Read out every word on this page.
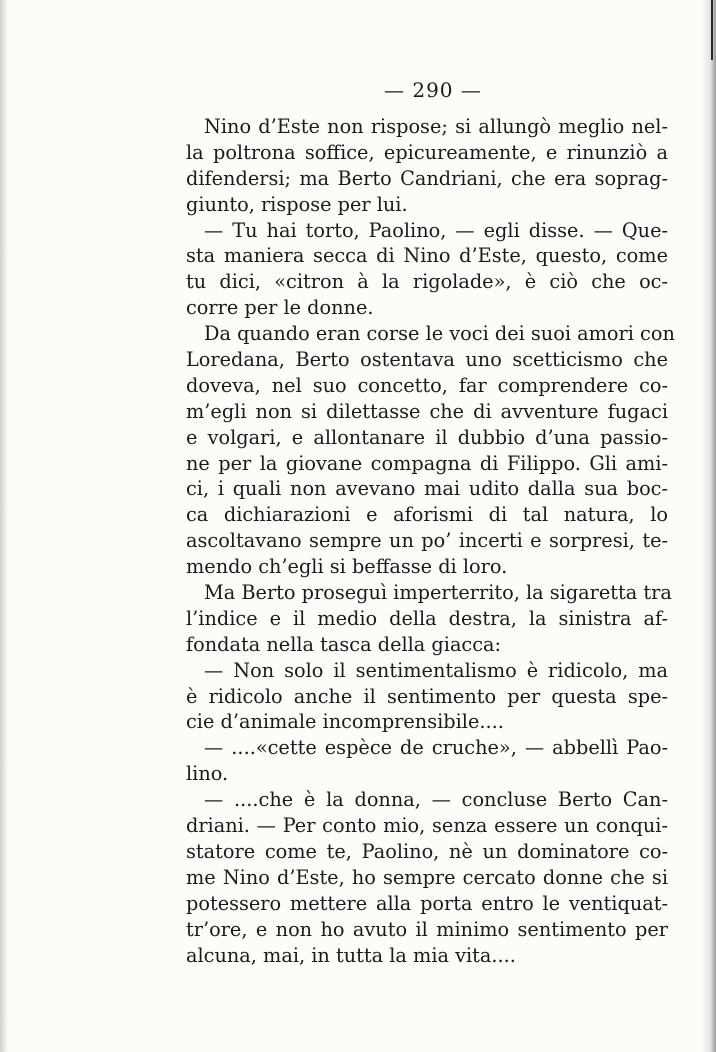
— 290 —
Nino d’Este non rispose; si allungò meglio nel-
la poltrona soffice, epicureamente, e rinunziò a
difendersi; ma Berto Candriani, che era soprag-
giunto, rispose per lui.
— Tu hai torto, Paolino, — egli disse. — Que-
sta maniera secca di Nino d’Este, questo, come
tu dici, «citron à la rigolade», è ciò che oc-
corre per le donne.
Da quando eran corse le voci dei suoi amori con
Loredana, Berto ostentava uno scetticismo che
doveva, nel suo concetto, far comprendere co-
m’egli non si dilettasse che di avventure fugaci
e volgari, e allontanare il dubbio d’una passio-
ne per la giovane compagna di Filippo. Gli ami-
ci, i quali non avevano mai udito dalla sua boc-
ca dichiarazioni e aforismi di tal natura, lo
ascoltavano sempre un po’ incerti e sorpresi, te-
mendo ch’egli si beffasse di loro.
Ma Berto proseguì imperterrito, la sigaretta tra
l’indice e il medio della destra, la sinistra af-
fondata nella tasca della giacca:
— Non solo il sentimentalismo è ridicolo, ma
è ridicolo anche il sentimento per questa spe-
cie d’animale incomprensibile....
— ....«cette espèce de cruche», — abbellì Pao-
lino.
— ....che è la donna, — concluse Berto Can-
driani. — Per conto mio, senza essere un conqui-
statore come te, Paolino, nè un dominatore co-
me Nino d’Este, ho sempre cercato donne che si
potessero mettere alla porta entro le ventiquat-
tr’ore, e non ho avuto il minimo sentimento per
alcuna, mai, in tutta la mia vita....
